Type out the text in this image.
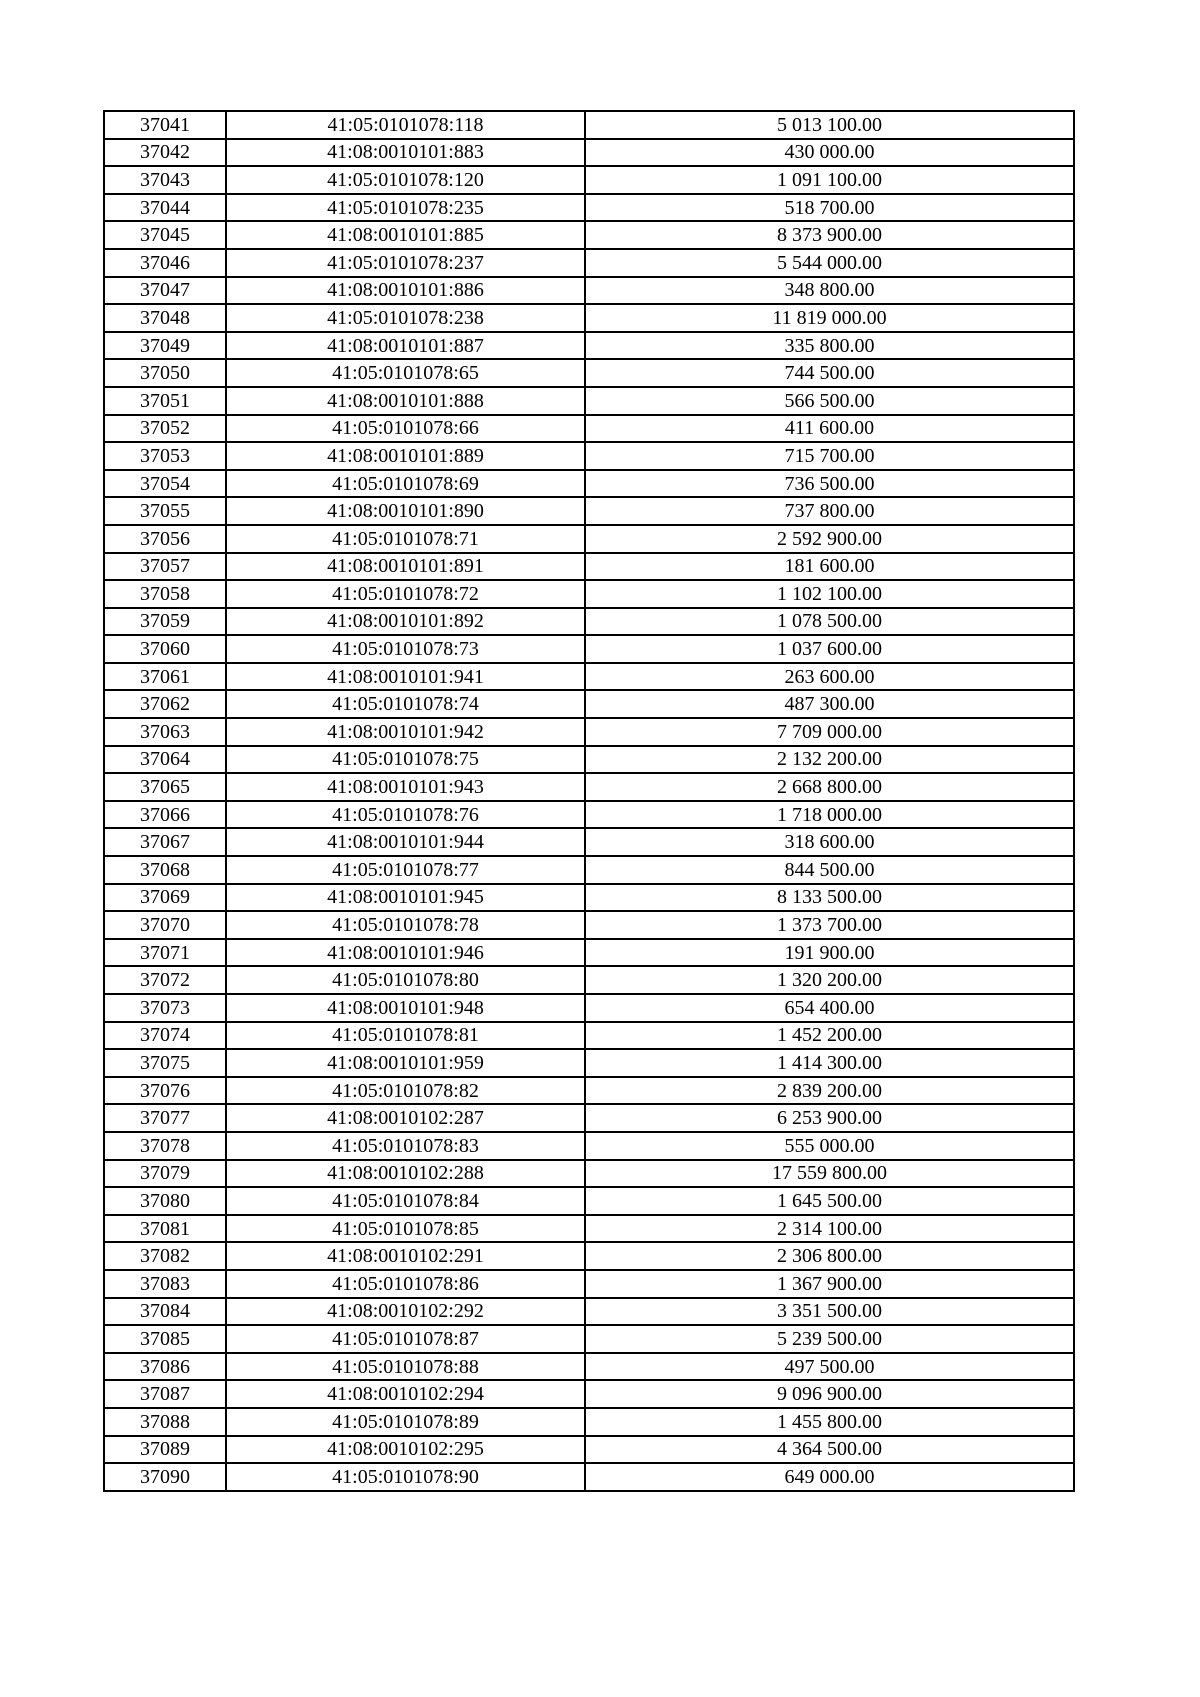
37041	41:05:0101078:118	5 013 100.00
37042	41:08:0010101:883	430 000.00
37043	41:05:0101078:120	1 091 100.00
37044	41:05:0101078:235	518 700.00
37045	41:08:0010101:885	8 373 900.00
37046	41:05:0101078:237	5 544 000.00
37047	41:08:0010101:886	348 800.00
37048	41:05:0101078:238	11 819 000.00
37049	41:08:0010101:887	335 800.00
37050	41:05:0101078:65	744 500.00
37051	41:08:0010101:888	566 500.00
37052	41:05:0101078:66	411 600.00
37053	41:08:0010101:889	715 700.00
37054	41:05:0101078:69	736 500.00
37055	41:08:0010101:890	737 800.00
37056	41:05:0101078:71	2 592 900.00
37057	41:08:0010101:891	181 600.00
37058	41:05:0101078:72	1 102 100.00
37059	41:08:0010101:892	1 078 500.00
37060	41:05:0101078:73	1 037 600.00
37061	41:08:0010101:941	263 600.00
37062	41:05:0101078:74	487 300.00
37063	41:08:0010101:942	7 709 000.00
37064	41:05:0101078:75	2 132 200.00
37065	41:08:0010101:943	2 668 800.00
37066	41:05:0101078:76	1 718 000.00
37067	41:08:0010101:944	318 600.00
37068	41:05:0101078:77	844 500.00
37069	41:08:0010101:945	8 133 500.00
37070	41:05:0101078:78	1 373 700.00
37071	41:08:0010101:946	191 900.00
37072	41:05:0101078:80	1 320 200.00
37073	41:08:0010101:948	654 400.00
37074	41:05:0101078:81	1 452 200.00
37075	41:08:0010101:959	1 414 300.00
37076	41:05:0101078:82	2 839 200.00
37077	41:08:0010102:287	6 253 900.00
37078	41:05:0101078:83	555 000.00
37079	41:08:0010102:288	17 559 800.00
37080	41:05:0101078:84	1 645 500.00
37081	41:05:0101078:85	2 314 100.00
37082	41:08:0010102:291	2 306 800.00
37083	41:05:0101078:86	1 367 900.00
37084	41:08:0010102:292	3 351 500.00
37085	41:05:0101078:87	5 239 500.00
37086	41:05:0101078:88	497 500.00
37087	41:08:0010102:294	9 096 900.00
37088	41:05:0101078:89	1 455 800.00
37089	41:08:0010102:295	4 364 500.00
37090	41:05:0101078:90	649 000.00
